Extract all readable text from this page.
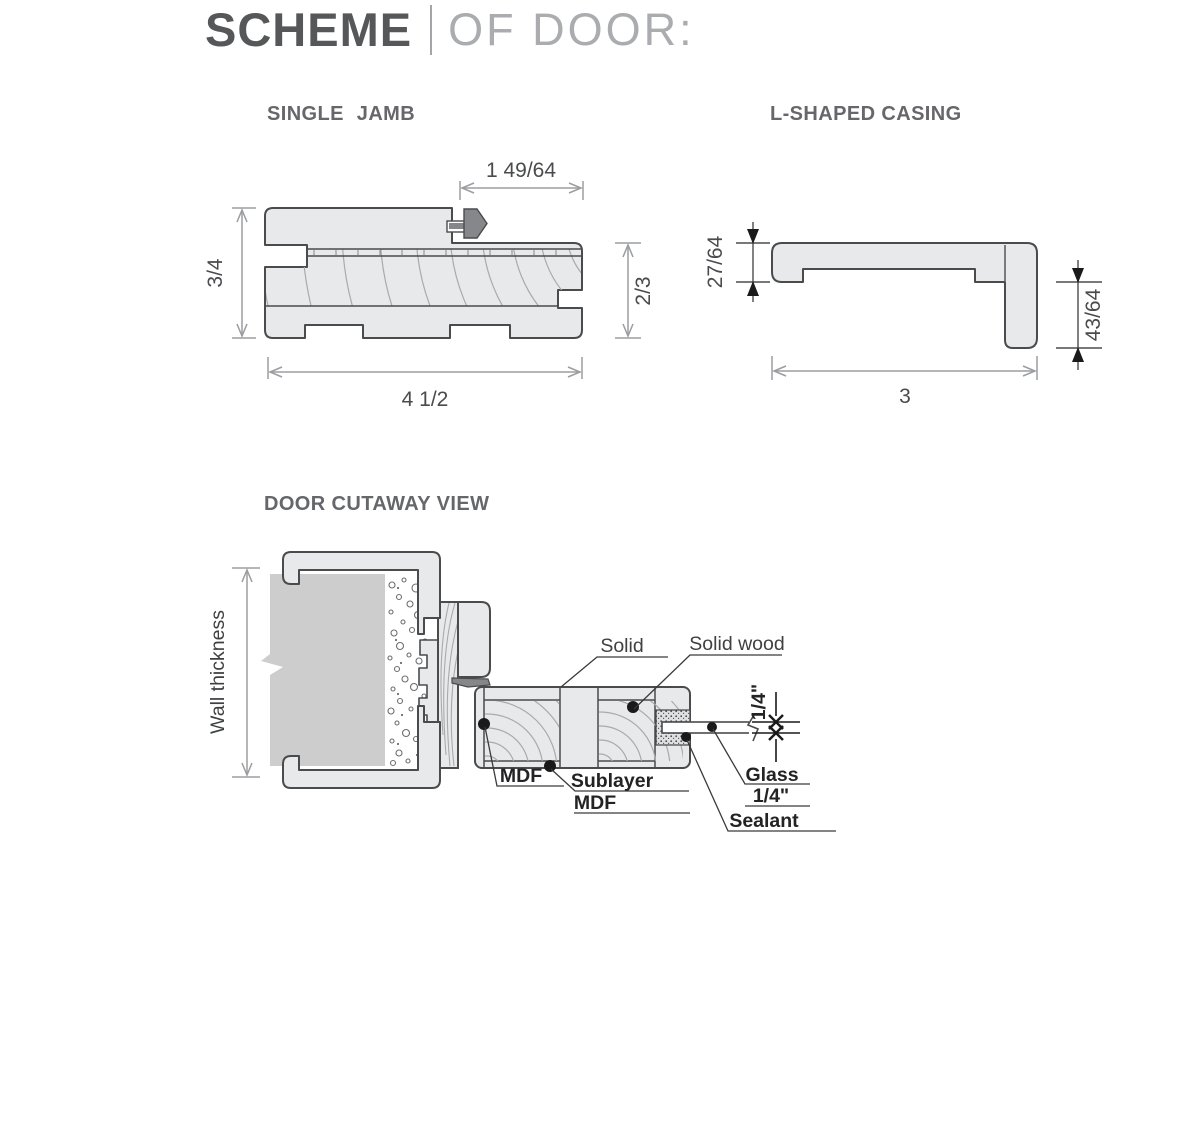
SCHEME OF DOOR:
SINGLE JAMB	L-SHAPED CASING
DOOR CUTAWAY VIEW
1 49/64
3/4
2/3
4 1/2
27/64
43/64
3
Wall thickness	1/4"
Solid Solid wood
MDF Sublayer
MDF
Glass
1/4"
Sealant
